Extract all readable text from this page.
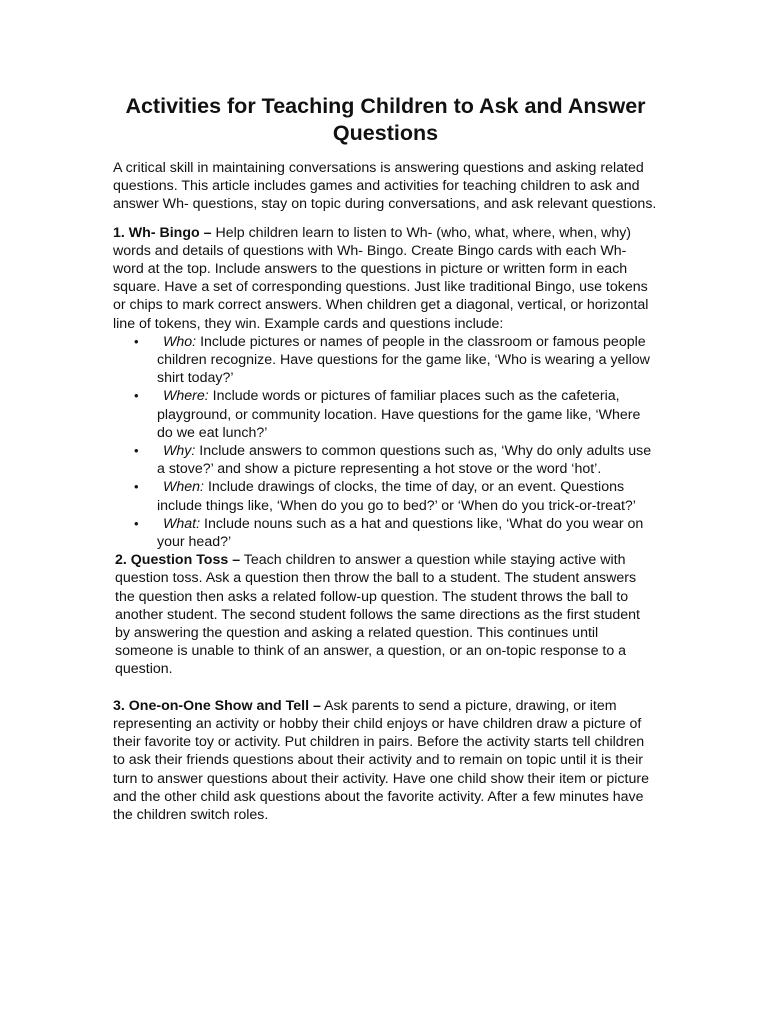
Activities for Teaching Children to Ask and Answer Questions

A critical skill in maintaining conversations is answering questions and asking related questions. This article includes games and activities for teaching children to ask and answer Wh- questions, stay on topic during conversations, and ask relevant questions.

1. Wh- Bingo – Help children learn to listen to Wh- (who, what, where, when, why) words and details of questions with Wh- Bingo. Create Bingo cards with each Wh- word at the top. Include answers to the questions in picture or written form in each square. Have a set of corresponding questions. Just like traditional Bingo, use tokens or chips to mark correct answers. When children get a diagonal, vertical, or horizontal line of tokens, they win. Example cards and questions include:

• Who: Include pictures or names of people in the classroom or famous people children recognize. Have questions for the game like, ‘Who is wearing a yellow shirt today?’
• Where: Include words or pictures of familiar places such as the cafeteria, playground, or community location. Have questions for the game like, ‘Where do we eat lunch?’
• Why: Include answers to common questions such as, ‘Why do only adults use a stove?’ and show a picture representing a hot stove or the word ‘hot’.
• When: Include drawings of clocks, the time of day, or an event. Questions include things like, ‘When do you go to bed?’ or ‘When do you trick-or-treat?’
• What: Include nouns such as a hat and questions like, ‘What do you wear on your head?’

2. Question Toss – Teach children to answer a question while staying active with question toss. Ask a question then throw the ball to a student. The student answers the question then asks a related follow-up question. The student throws the ball to another student. The second student follows the same directions as the first student by answering the question and asking a related question. This continues until someone is unable to think of an answer, a question, or an on-topic response to a question.

3. One-on-One Show and Tell – Ask parents to send a picture, drawing, or item representing an activity or hobby their child enjoys or have children draw a picture of their favorite toy or activity. Put children in pairs. Before the activity starts tell children to ask their friends questions about their activity and to remain on topic until it is their turn to answer questions about their activity. Have one child show their item or picture and the other child ask questions about the favorite activity. After a few minutes have the children switch roles.
